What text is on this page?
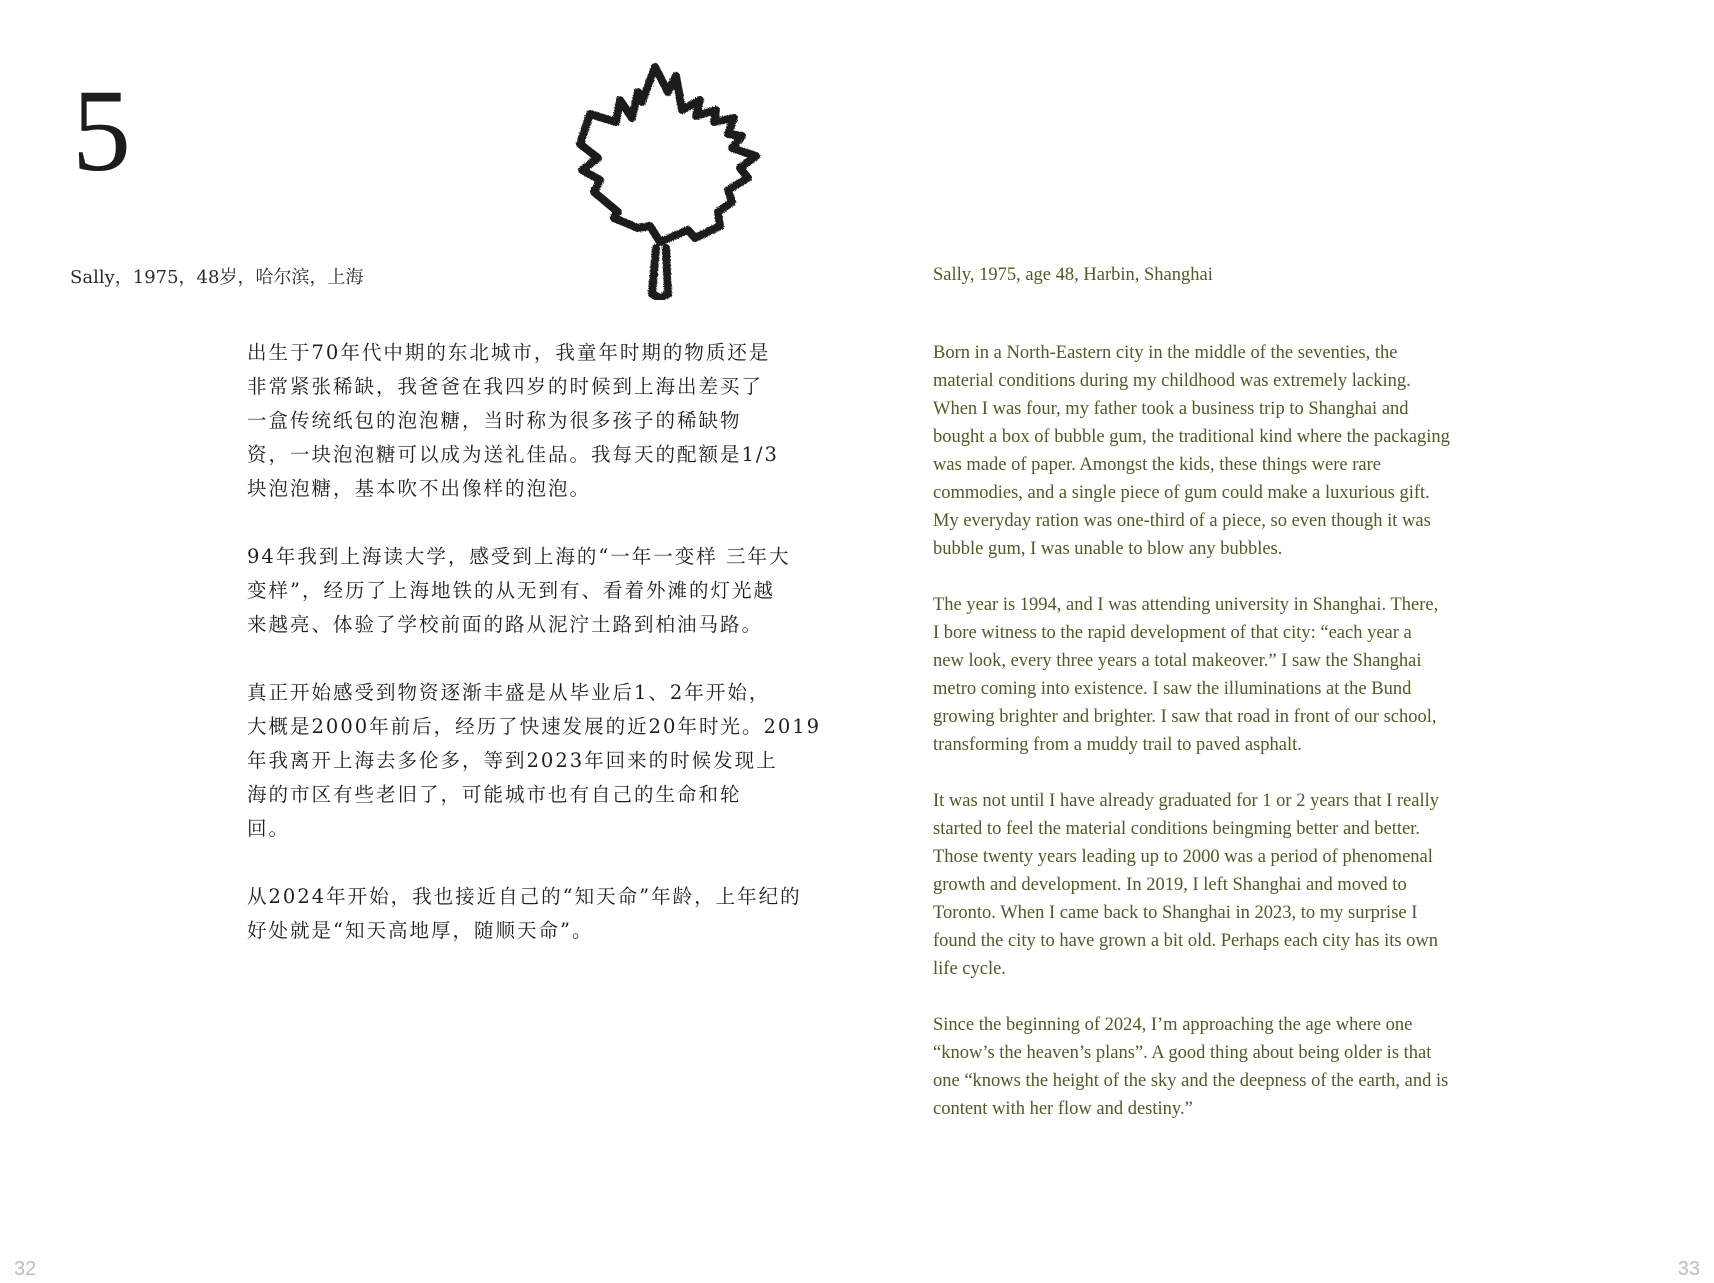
5
Sally，1975，48岁，哈尔滨，上海	Sally, 1975, age 48, Harbin, Shanghai

出生于70年代中期的东北城市，我童年时期的物质还是
非常紧张稀缺，我爸爸在我四岁的时候到上海出差买了
一盒传统纸包的泡泡糖，当时称为很多孩子的稀缺物
资，一块泡泡糖可以成为送礼佳品。我每天的配额是1/3
块泡泡糖，基本吹不出像样的泡泡。

94年我到上海读大学，感受到上海的“一年一变样 三年大
变样”，经历了上海地铁的从无到有、看着外滩的灯光越
来越亮、体验了学校前面的路从泥泞土路到柏油马路。

真正开始感受到物资逐渐丰盛是从毕业后1、2年开始，
大概是2000年前后，经历了快速发展的近20年时光。2019
年我离开上海去多伦多，等到2023年回来的时候发现上
海的市区有些老旧了，可能城市也有自己的生命和轮
回。

从2024年开始，我也接近自己的“知天命”年龄，上年纪的
好处就是“知天高地厚，随顺天命”。

Born in a North-Eastern city in the middle of the seventies, the
material conditions during my childhood was extremely lacking.
When I was four, my father took a business trip to Shanghai and
bought a box of bubble gum, the traditional kind where the packaging
was made of paper. Amongst the kids, these things were rare
commodies, and a single piece of gum could make a luxurious gift.
My everyday ration was one-third of a piece, so even though it was
bubble gum, I was unable to blow any bubbles.

The year is 1994, and I was attending university in Shanghai. There,
I bore witness to the rapid development of that city: “each year a
new look, every three years a total makeover.” I saw the Shanghai
metro coming into existence. I saw the illuminations at the Bund
growing brighter and brighter. I saw that road in front of our school,
transforming from a muddy trail to paved asphalt.

It was not until I have already graduated for 1 or 2 years that I really
started to feel the material conditions beingming better and better.
Those twenty years leading up to 2000 was a period of phenomenal
growth and development. In 2019, I left Shanghai and moved to
Toronto. When I came back to Shanghai in 2023, to my surprise I
found the city to have grown a bit old. Perhaps each city has its own
life cycle.

Since the beginning of 2024, I’m approaching the age where one
“know’s the heaven’s plans”. A good thing about being older is that
one “knows the height of the sky and the deepness of the earth, and is
content with her flow and destiny.”

32	33
